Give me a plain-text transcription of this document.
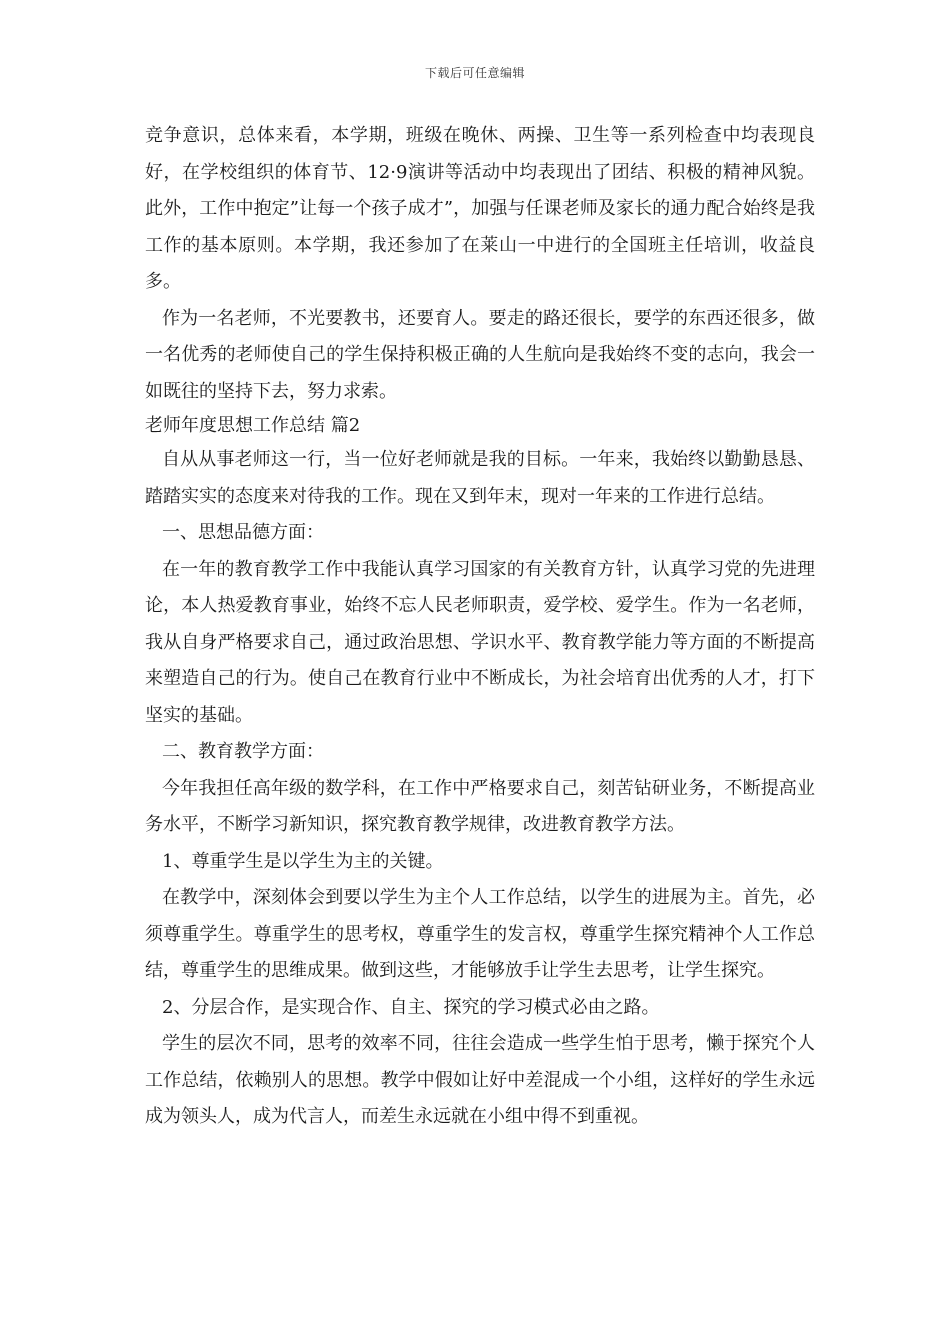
下载后可任意编辑

竞争意识，总体来看，本学期，班级在晚休、两操、卫生等一系列检查中均表现良好，在学校组织的体育节、12·9演讲等活动中均表现出了团结、积极的精神风貌。此外，工作中抱定”让每一个孩子成才”，加强与任课老师及家长的通力配合始终是我工作的基本原则。本学期，我还参加了在莱山一中进行的全国班主任培训，收益良多。

作为一名老师，不光要教书，还要育人。要走的路还很长，要学的东西还很多，做一名优秀的老师使自己的学生保持积极正确的人生航向是我始终不变的志向，我会一如既往的坚持下去，努力求索。

老师年度思想工作总结 篇2

自从从事老师这一行，当一位好老师就是我的目标。一年来，我始终以勤勤恳恳、踏踏实实的态度来对待我的工作。现在又到年末，现对一年来的工作进行总结。

一、思想品德方面：

在一年的教育教学工作中我能认真学习国家的有关教育方针，认真学习党的先进理论，本人热爱教育事业，始终不忘人民老师职责，爱学校、爱学生。作为一名老师，我从自身严格要求自己，通过政治思想、学识水平、教育教学能力等方面的不断提高来塑造自己的行为。使自己在教育行业中不断成长，为社会培育出优秀的人才，打下坚实的基础。

二、教育教学方面：

今年我担任高年级的数学科，在工作中严格要求自己，刻苦钻研业务，不断提高业务水平，不断学习新知识，探究教育教学规律，改进教育教学方法。

1、尊重学生是以学生为主的关键。

在教学中，深刻体会到要以学生为主个人工作总结，以学生的进展为主。首先，必须尊重学生。尊重学生的思考权，尊重学生的发言权，尊重学生探究精神个人工作总结，尊重学生的思维成果。做到这些，才能够放手让学生去思考，让学生探究。

2、分层合作，是实现合作、自主、探究的学习模式必由之路。

学生的层次不同，思考的效率不同，往往会造成一些学生怕于思考，懒于探究个人工作总结，依赖别人的思想。教学中假如让好中差混成一个小组，这样好的学生永远成为领头人，成为代言人，而差生永远就在小组中得不到重视。
